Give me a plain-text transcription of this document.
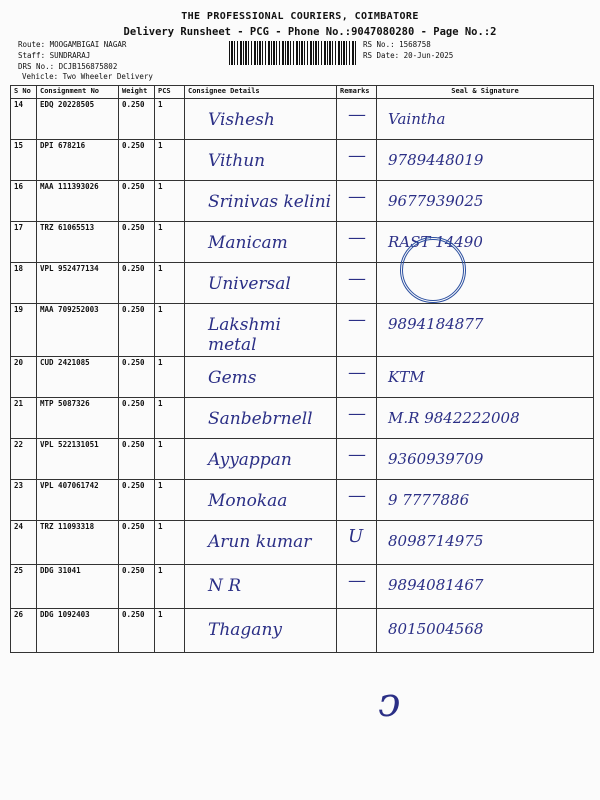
THE PROFESSIONAL COURIERS, COIMBATORE
Delivery Runsheet - PCG - Phone No.:9047080280 - Page No.:2
Route: MOOGAMBIGAI NAGAR
Staff: SUNDRARAJ
DRS No.: DCJB156875802
Vehicle: Two Wheeler Delivery
RS No.: 1568758
RS Date: 20-Jun-2025
S No	Consignment No	Weight	PCS	Consignee Details	Remarks	Seal & Signature
14	EDQ 20228505	0.250	1	Vishesh	—	Vaintha

15	DPI 678216	0.250	1	Vithun	—	9789448019

16	MAA 111393026	0.250	1	Srinivas kelini	—	9677939025

17	TRZ 61065513	0.250	1	Manicam	—	RAST 14490

18	VPL 952477134	0.250	1	Universal	—	

19	MAA 709252003	0.250	1	Lakshmi metal	—	9894184877

20	CUD 2421085	0.250	1	Gems	—	KTM

21	MTP 5087326	0.250	1	Sanbebrnell	—	M.R 9842222008

22	VPL 522131051	0.250	1	Ayyappan	—	9360939709

23	VPL 407061742	0.250	1	Monokaa	—	9 7777886

24	TRZ 11093318	0.250	1	Arun kumar	U	8098714975

25	DDG 31041	0.250	1	N R	—	9894081467

26	DDG 1092403	0.250	1	Thagany		8015004568
ↄ
